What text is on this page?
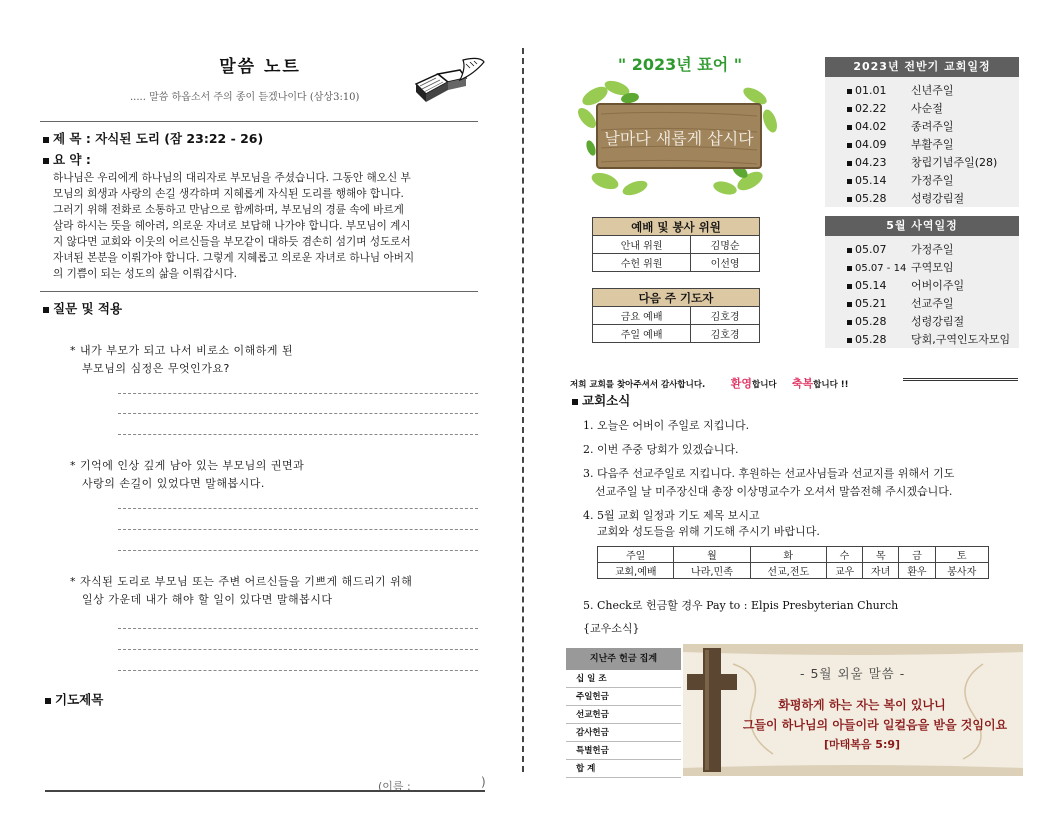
말씀 노트
..... 말씀 하옵소서 주의 종이 듣겠나이다 (삼상3:10)
제 목 : 자식된 도리 (잠 23:22 - 26)
요 약 :
하나님은 우리에게 하나님의 대리자로 부모님을 주셨습니다. 그동안 해오신 부
모님의 희생과 사랑의 손길 생각하며 지혜롭게 자식된 도리를 행해야 합니다.
그러기 위해 전화로 소통하고 만남으로 함께하며, 부모님의 경륜 속에 바르게
살라 하시는 뜻을 헤아려, 의로운 자녀로 보답해 나가야 합니다. 부모님이 계시
지 않다면 교회와 이웃의 어르신들을 부모같이 대하듯 겸손히 섬기며 성도로서
자녀된 본분을 이뤄가야 합니다. 그렇게 지혜롭고 의로운 자녀로 하나님 아버지
의 기쁨이 되는 성도의 삶을 이뤄갑시다.
질문 및 적용
* 내가 부모가 되고 나서 비로소 이해하게 된
부모님의 심정은 무엇인가요?
* 기억에 인상 깊게 남아 있는 부모님의 권면과
사랑의 손길이 있었다면 말해봅시다.
* 자식된 도리로 부모님 또는 주변 어르신들을 기쁘게 해드리기 위해
일상 가운데 내가 해야 할 일이 있다면 말해봅시다
기도제목
(이름 :	)
" 2023년 표어 "
날마다 새롭게 삽시다
2023년 전반기 교회일정
01.01 신년주일
02.22 사순절
04.02 종려주일
04.09 부활주일
04.23 창립기념주일(28)
05.14 가정주일
05.28 성령강림절
5월 사역일정
05.07 가정주일
05.07 - 14 구역모임
05.14 어버이주일
05.21 선교주일
05.28 성령강림절
05.28 당회,구역인도자모임
예배 및 봉사 위원	
안내 위원	김명순
수헌 위원	이선영
다음 주 기도자	
금요 예배	김호경
주일 예배	김호경
저희 교회를 찾아주셔서 감사합니다. 환영합니다 축복합니다 !!
교회소식
1. 오늘은 어버이 주일로 지킵니다.
2. 이번 주중 당회가 있겠습니다.
3. 다음주 선교주일로 지킵니다. 후원하는 선교사님들과 선교지를 위해서 기도
선교주일 날 미주장신대 총장 이상명교수가 오셔서 말씀전해 주시겠습니다.
4. 5월 교회 일정과 기도 제목 보시고
교회와 성도들을 위해 기도해 주시기 바랍니다.
주일	월	화	수	목	금	토
교회,예배	나라,민족	선교,전도	교우	자녀	환우	봉사자
5. Check로 헌금할 경우 Pay to : Elpis Presbyterian Church
{교우소식}
지난주 헌금 집계
십 일 조
주일헌금
선교헌금
감사헌금
특별헌금
합 계
- 5월 외울 말씀 -
화평하게 하는 자는 복이 있나니
그들이 하나님의 아들이라 일컬음을 받을 것임이요
[마태복음 5:9]
